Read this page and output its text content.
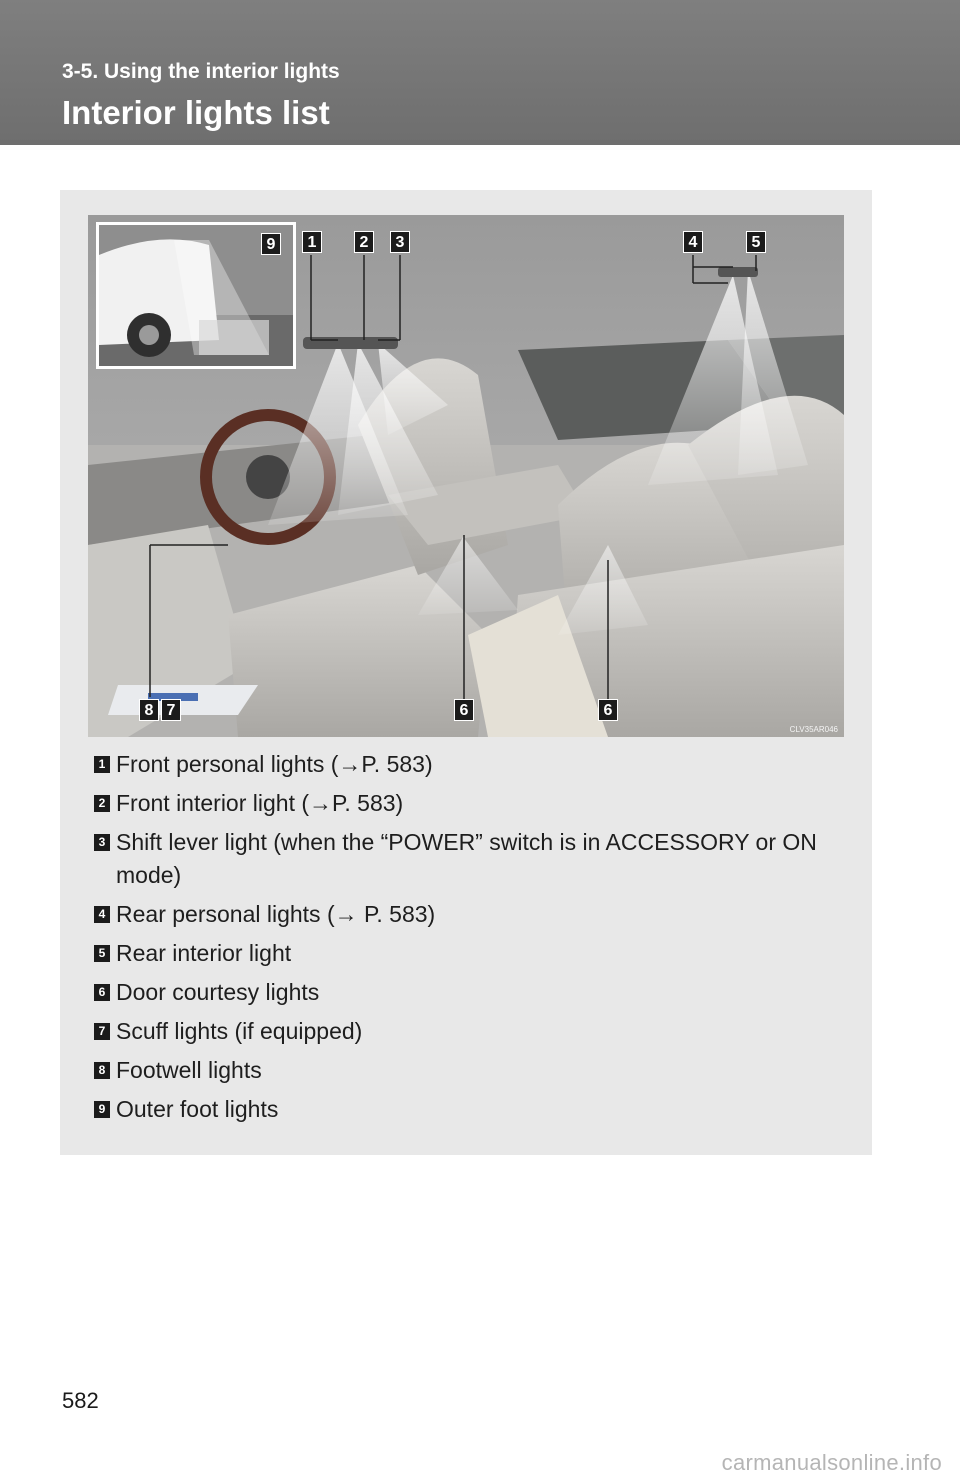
3-5. Using the interior lights
Interior lights list
9	1	2	3	4	5
6	6
8 7
CLV35AR046
1 Front personal lights (→P. 583)
2 Front interior light (→P. 583)
3 Shift lever light (when the “POWER” switch is in ACCESSORY or ON mode)
4 Rear personal lights (→ P. 583)
5 Rear interior light
6 Door courtesy lights
7 Scuff lights (if equipped)
8 Footwell lights
9 Outer foot lights
582
carmanualsonline.info
